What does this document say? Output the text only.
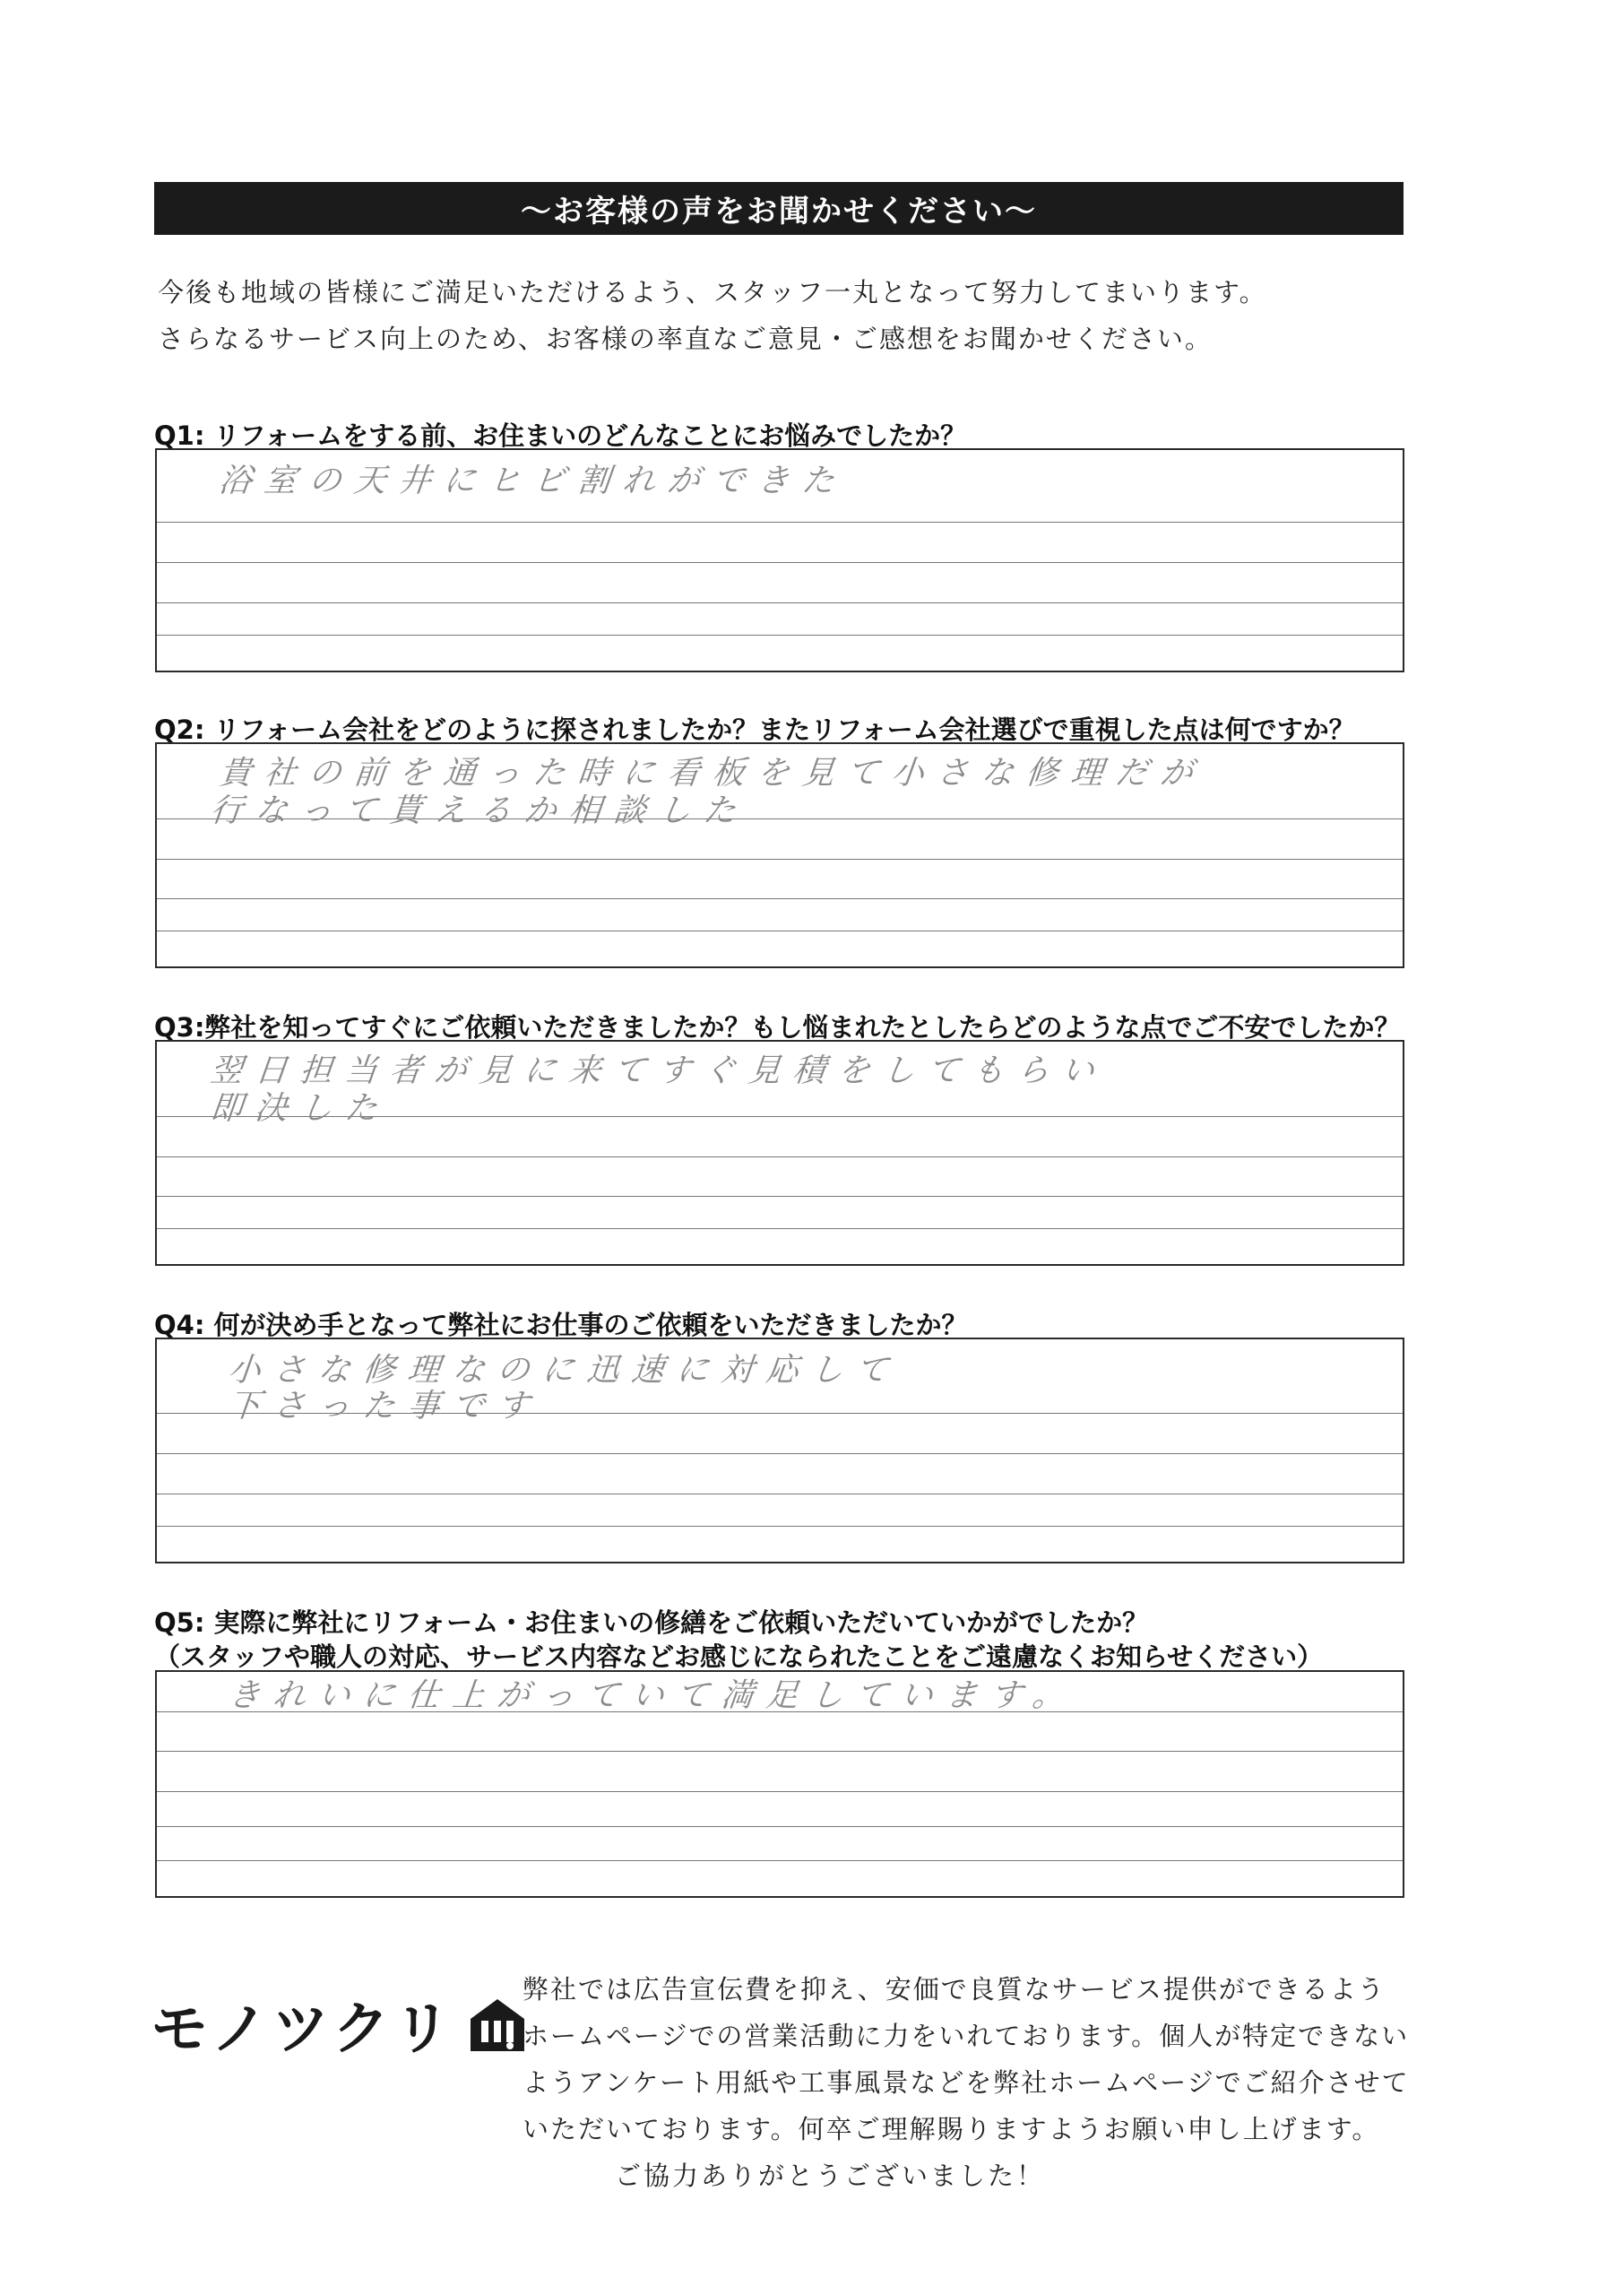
～お客様の声をお聞かせください～
今後も地域の皆様にご満足いただけるよう、スタッフ一丸となって努力してまいります。
さらなるサービス向上のため、お客様の率直なご意見・ご感想をお聞かせください。
Q1: リフォームをする前、お住まいのどんなことにお悩みでしたか？
浴室の天井にヒビ割れができた
Q2: リフォーム会社をどのように探されましたか？またリフォーム会社選びで重視した点は何ですか？
貴社の前を通った時に看板を見て小さな修理だが
行なって貰えるか相談した
Q3:弊社を知ってすぐにご依頼いただきましたか？もし悩まれたとしたらどのような点でご不安でしたか？
翌日担当者が見に来てすぐ見積をしてもらい
即決した
Q4: 何が決め手となって弊社にお仕事のご依頼をいただきましたか？
小さな修理なのに迅速に対応して
下さった事です
Q5: 実際に弊社にリフォーム・お住まいの修繕をご依頼いただいていかがでしたか？
（スタッフや職人の対応、サービス内容などお感じになられたことをご遠慮なくお知らせください）
きれいに仕上がっていて満足しています。
モノツクリ
弊社では広告宣伝費を抑え、安価で良質なサービス提供ができるよう
ホームページでの営業活動に力をいれております。個人が特定できない
ようアンケート用紙や工事風景などを弊社ホームページでご紹介させて
いただいております。何卒ご理解賜りますようお願い申し上げます。
ご協力ありがとうございました！
